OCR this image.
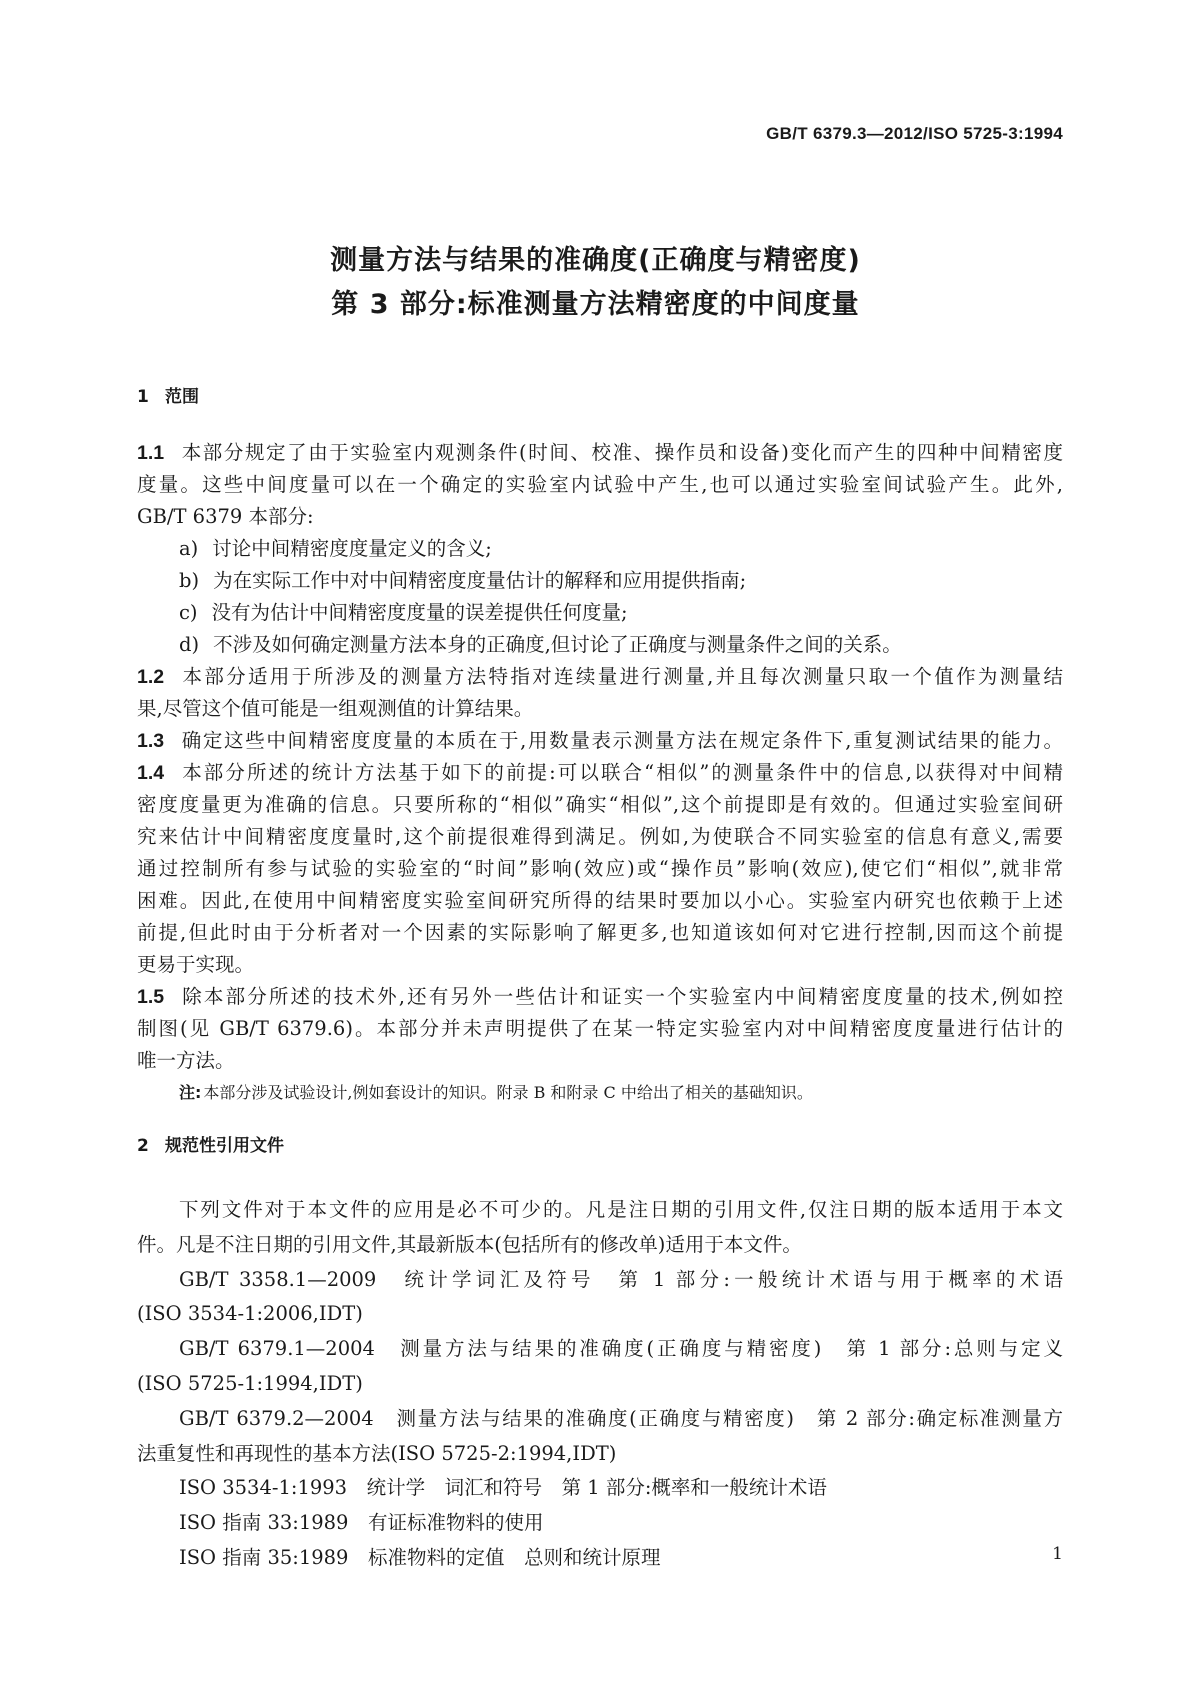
GB/T 6379.3—2012/ISO 5725-3:1994
测量方法与结果的准确度(正确度与精密度)
第 3 部分:标准测量方法精密度的中间度量
1 范围
1.1 本部分规定了由于实验室内观测条件(时间、校准、操作员和设备)变化而产生的四种中间精密度
度量。这些中间度量可以在一个确定的实验室内试验中产生,也可以通过实验室间试验产生。此外,
GB/T 6379 本部分:
a) 讨论中间精密度度量定义的含义;
b) 为在实际工作中对中间精密度度量估计的解释和应用提供指南;
c) 没有为估计中间精密度度量的误差提供任何度量;
d) 不涉及如何确定测量方法本身的正确度,但讨论了正确度与测量条件之间的关系。
1.2 本部分适用于所涉及的测量方法特指对连续量进行测量,并且每次测量只取一个值作为测量结
果,尽管这个值可能是一组观测值的计算结果。
1.3 确定这些中间精密度度量的本质在于,用数量表示测量方法在规定条件下,重复测试结果的能力。
1.4 本部分所述的统计方法基于如下的前提:可以联合“相似”的测量条件中的信息,以获得对中间精
密度度量更为准确的信息。只要所称的“相似”确实“相似”,这个前提即是有效的。但通过实验室间研
究来估计中间精密度度量时,这个前提很难得到满足。例如,为使联合不同实验室的信息有意义,需要
通过控制所有参与试验的实验室的“时间”影响(效应)或“操作员”影响(效应),使它们“相似”,就非常
困难。因此,在使用中间精密度实验室间研究所得的结果时要加以小心。实验室内研究也依赖于上述
前提,但此时由于分析者对一个因素的实际影响了解更多,也知道该如何对它进行控制,因而这个前提
更易于实现。
1.5 除本部分所述的技术外,还有另外一些估计和证实一个实验室内中间精密度度量的技术,例如控
制图(见 GB/T 6379.6)。本部分并未声明提供了在某一特定实验室内对中间精密度度量进行估计的
唯一方法。
注: 本部分涉及试验设计,例如套设计的知识。附录 B 和附录 C 中给出了相关的基础知识。
2 规范性引用文件
下列文件对于本文件的应用是必不可少的。凡是注日期的引用文件,仅注日期的版本适用于本文
件。凡是不注日期的引用文件,其最新版本(包括所有的修改单)适用于本文件。
GB/T 3358.1—2009　统计学词汇及符号　第 1 部分:一般统计术语与用于概率的术语
(ISO 3534-1:2006,IDT)
GB/T 6379.1—2004　测量方法与结果的准确度(正确度与精密度)　第 1 部分:总则与定义
(ISO 5725-1:1994,IDT)
GB/T 6379.2—2004　测量方法与结果的准确度(正确度与精密度)　第 2 部分:确定标准测量方
法重复性和再现性的基本方法(ISO 5725-2:1994,IDT)
ISO 3534-1:1993　统计学　词汇和符号　第 1 部分:概率和一般统计术语
ISO 指南 33:1989　有证标准物料的使用
ISO 指南 35:1989　标准物料的定值　总则和统计原理	1
